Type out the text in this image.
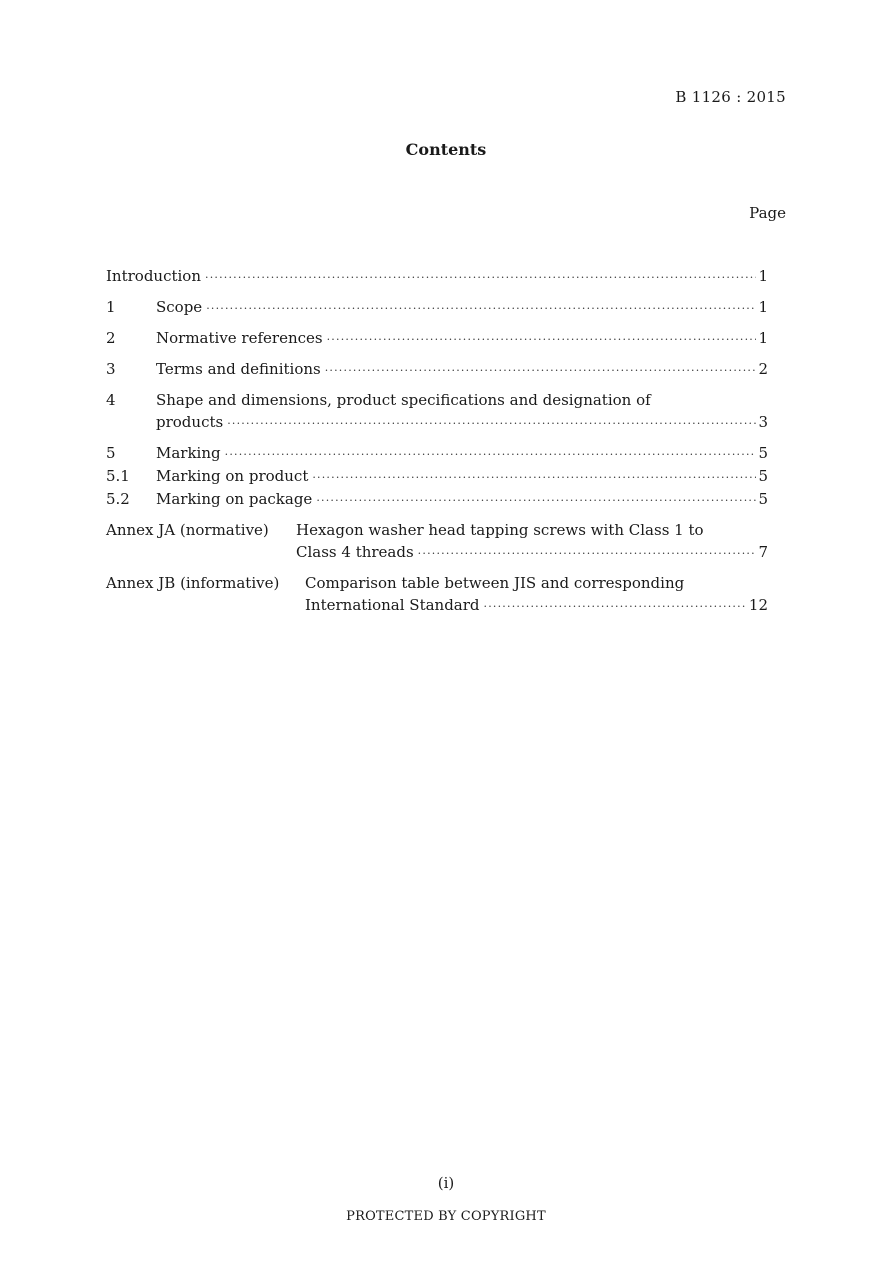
B 1126 : 2015
Contents
Page
Introduction ·····	1
1	Scope ·····	1
2	Normative references ·····	1
3	Terms and definitions ·····	2
4	Shape and dimensions, product specifications and designation of
products ·····	3
5	Marking ·····	5
5.1 Marking on product ·····	5
5.2 Marking on package ·····	5
Annex JA (normative) Hexagon washer head tapping screws with Class 1 to
Class 4 threads ·····	7
Annex JB (informative) Comparison table between JIS and corresponding
International Standard ·····	12
(i)
PROTECTED BY COPYRIGHT
